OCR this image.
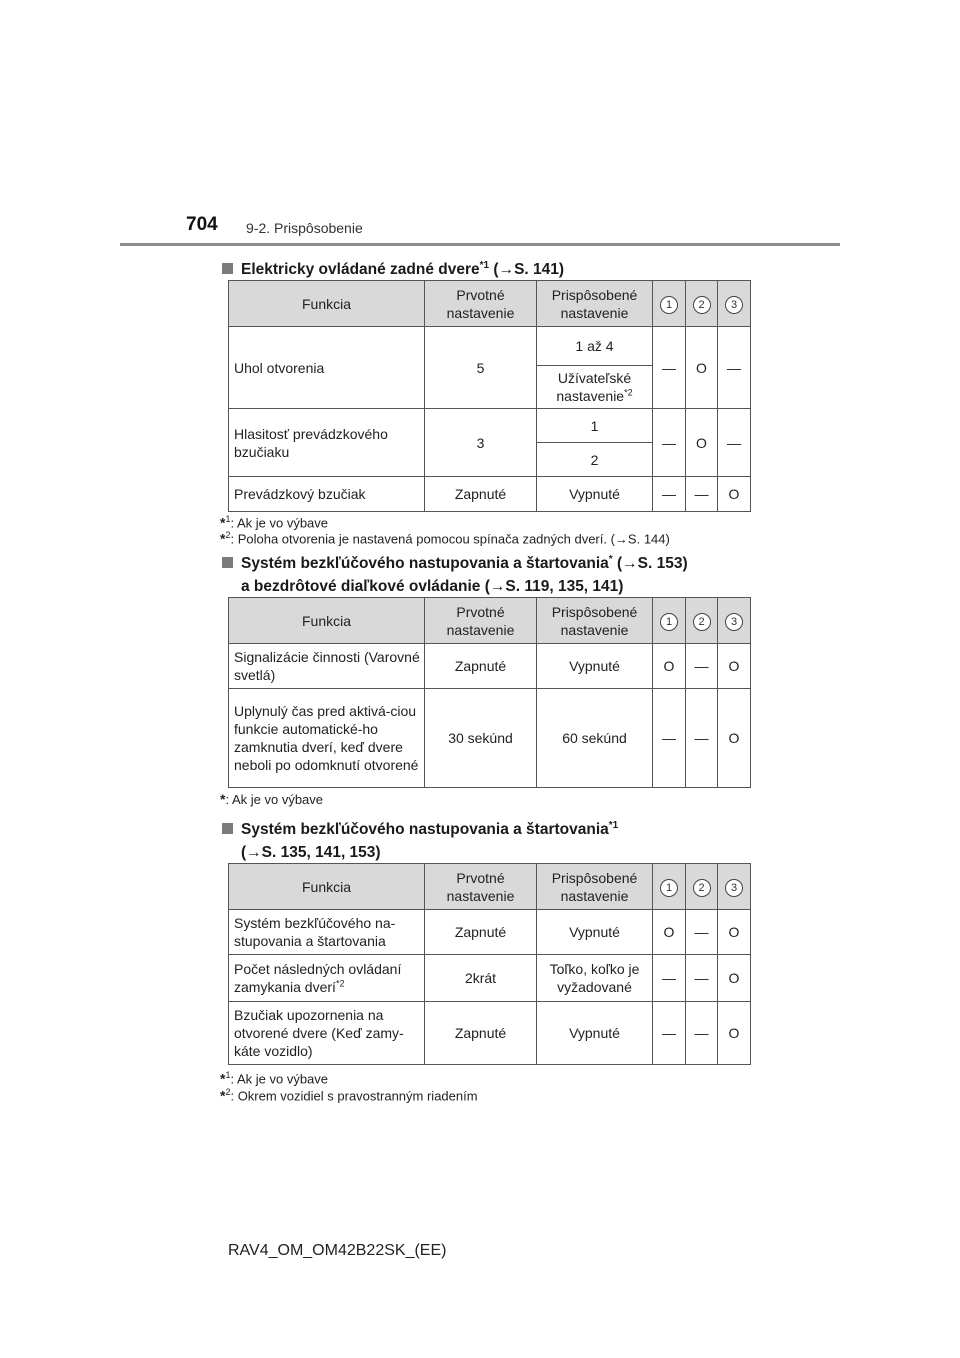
704 9-2. Prispôsobenie
Elektricky ovládané zadné dvere$^{*1}$ (→S. 141)
Funkcia	Prvotné nastavenie	Prispôsobené nastavenie	1	2	3
Uhol otvorenia	5	1 až 4	—	O	—
		Užívateľské nastavenie$^{*2}$
Hlasitosť prevádzkového bzučiaku	3	1	—	O	—
		2			
Prevádzkový bzučiak	Zapnuté	Vypnuté	—	—	O
*$^1$: Ak je vo výbave
*$^2$: Poloha otvorenia je nastavená pomocou spínača zadných dverí. (→S. 144)
Systém bezkľúčového nastupovania a štartovania* (→S. 153)
a bezdrôtové diaľkové ovládanie (→S. 119, 135, 141)
Funkcia	Prvotné nastavenie	Prispôsobené nastavenie	1	2	3
Signalizácie činnosti (Varovné svetlá)	Zapnuté	Vypnuté	O	—	O
Uplynulý čas pred aktivá-ciou funkcie automatické-ho zamknutia dverí, keď dvere neboli po odomknutí otvorené	30 sekúnd	60 sekúnd	—	—	O
*: Ak je vo výbave
Systém bezkľúčového nastupovania a štartovania$^{*1}$
(→S. 135, 141, 153)
Funkcia	Prvotné nastavenie	Prispôsobené nastavenie	1	2	3
Systém bezkľúčového na-stupovania a štartovania	Zapnuté	Vypnuté	O	—	O
Počet následných ovládaní zamykania dverí$^{*2}$	2krát	Toľko, koľko je vyžadované	—	—	O
Bzučiak upozornenia na otvorené dvere (Keď zamy-káte vozidlo)	Zapnuté	Vypnuté	—	—	O
*$^1$: Ak je vo výbave
*$^2$: Okrem vozidiel s pravostranným riadením
RAV4_OM_OM42B22SK_(EE)
